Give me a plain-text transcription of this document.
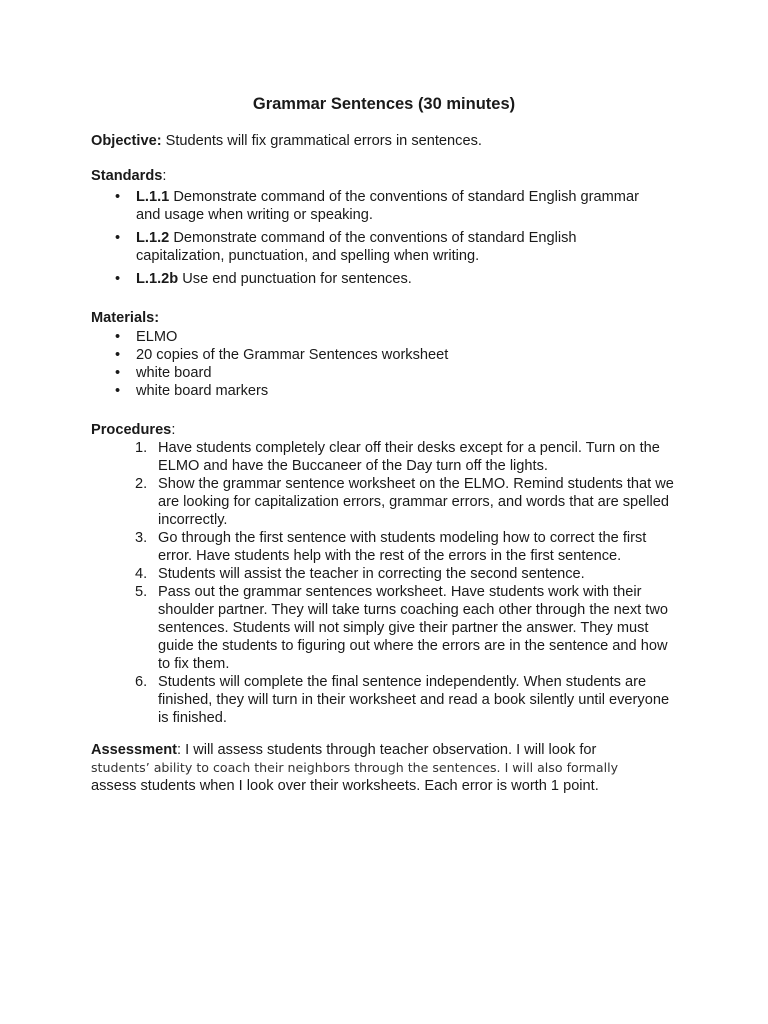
Grammar Sentences (30 minutes)
Objective: Students will fix grammatical errors in sentences.
Standards:
• L.1.1 Demonstrate command of the conventions of standard English grammar and usage when writing or speaking.
• L.1.2 Demonstrate command of the conventions of standard English capitalization, punctuation, and spelling when writing.
• L.1.2b Use end punctuation for sentences.
Materials:
• ELMO
• 20 copies of the Grammar Sentences worksheet
• white board
• white board markers
Procedures:
1. Have students completely clear off their desks except for a pencil. Turn on the ELMO and have the Buccaneer of the Day turn off the lights.
2. Show the grammar sentence worksheet on the ELMO. Remind students that we are looking for capitalization errors, grammar errors, and words that are spelled incorrectly.
3. Go through the first sentence with students modeling how to correct the first error. Have students help with the rest of the errors in the first sentence.
4. Students will assist the teacher in correcting the second sentence.
5. Pass out the grammar sentences worksheet. Have students work with their shoulder partner. They will take turns coaching each other through the next two sentences. Students will not simply give their partner the answer. They must guide the students to figuring out where the errors are in the sentence and how to fix them.
6. Students will complete the final sentence independently. When students are finished, they will turn in their worksheet and read a book silently until everyone is finished.
Assessment: I will assess students through teacher observation. I will look for
students’ ability to coach their neighbors through the sentences. I will also formally
assess students when I look over their worksheets. Each error is worth 1 point.
